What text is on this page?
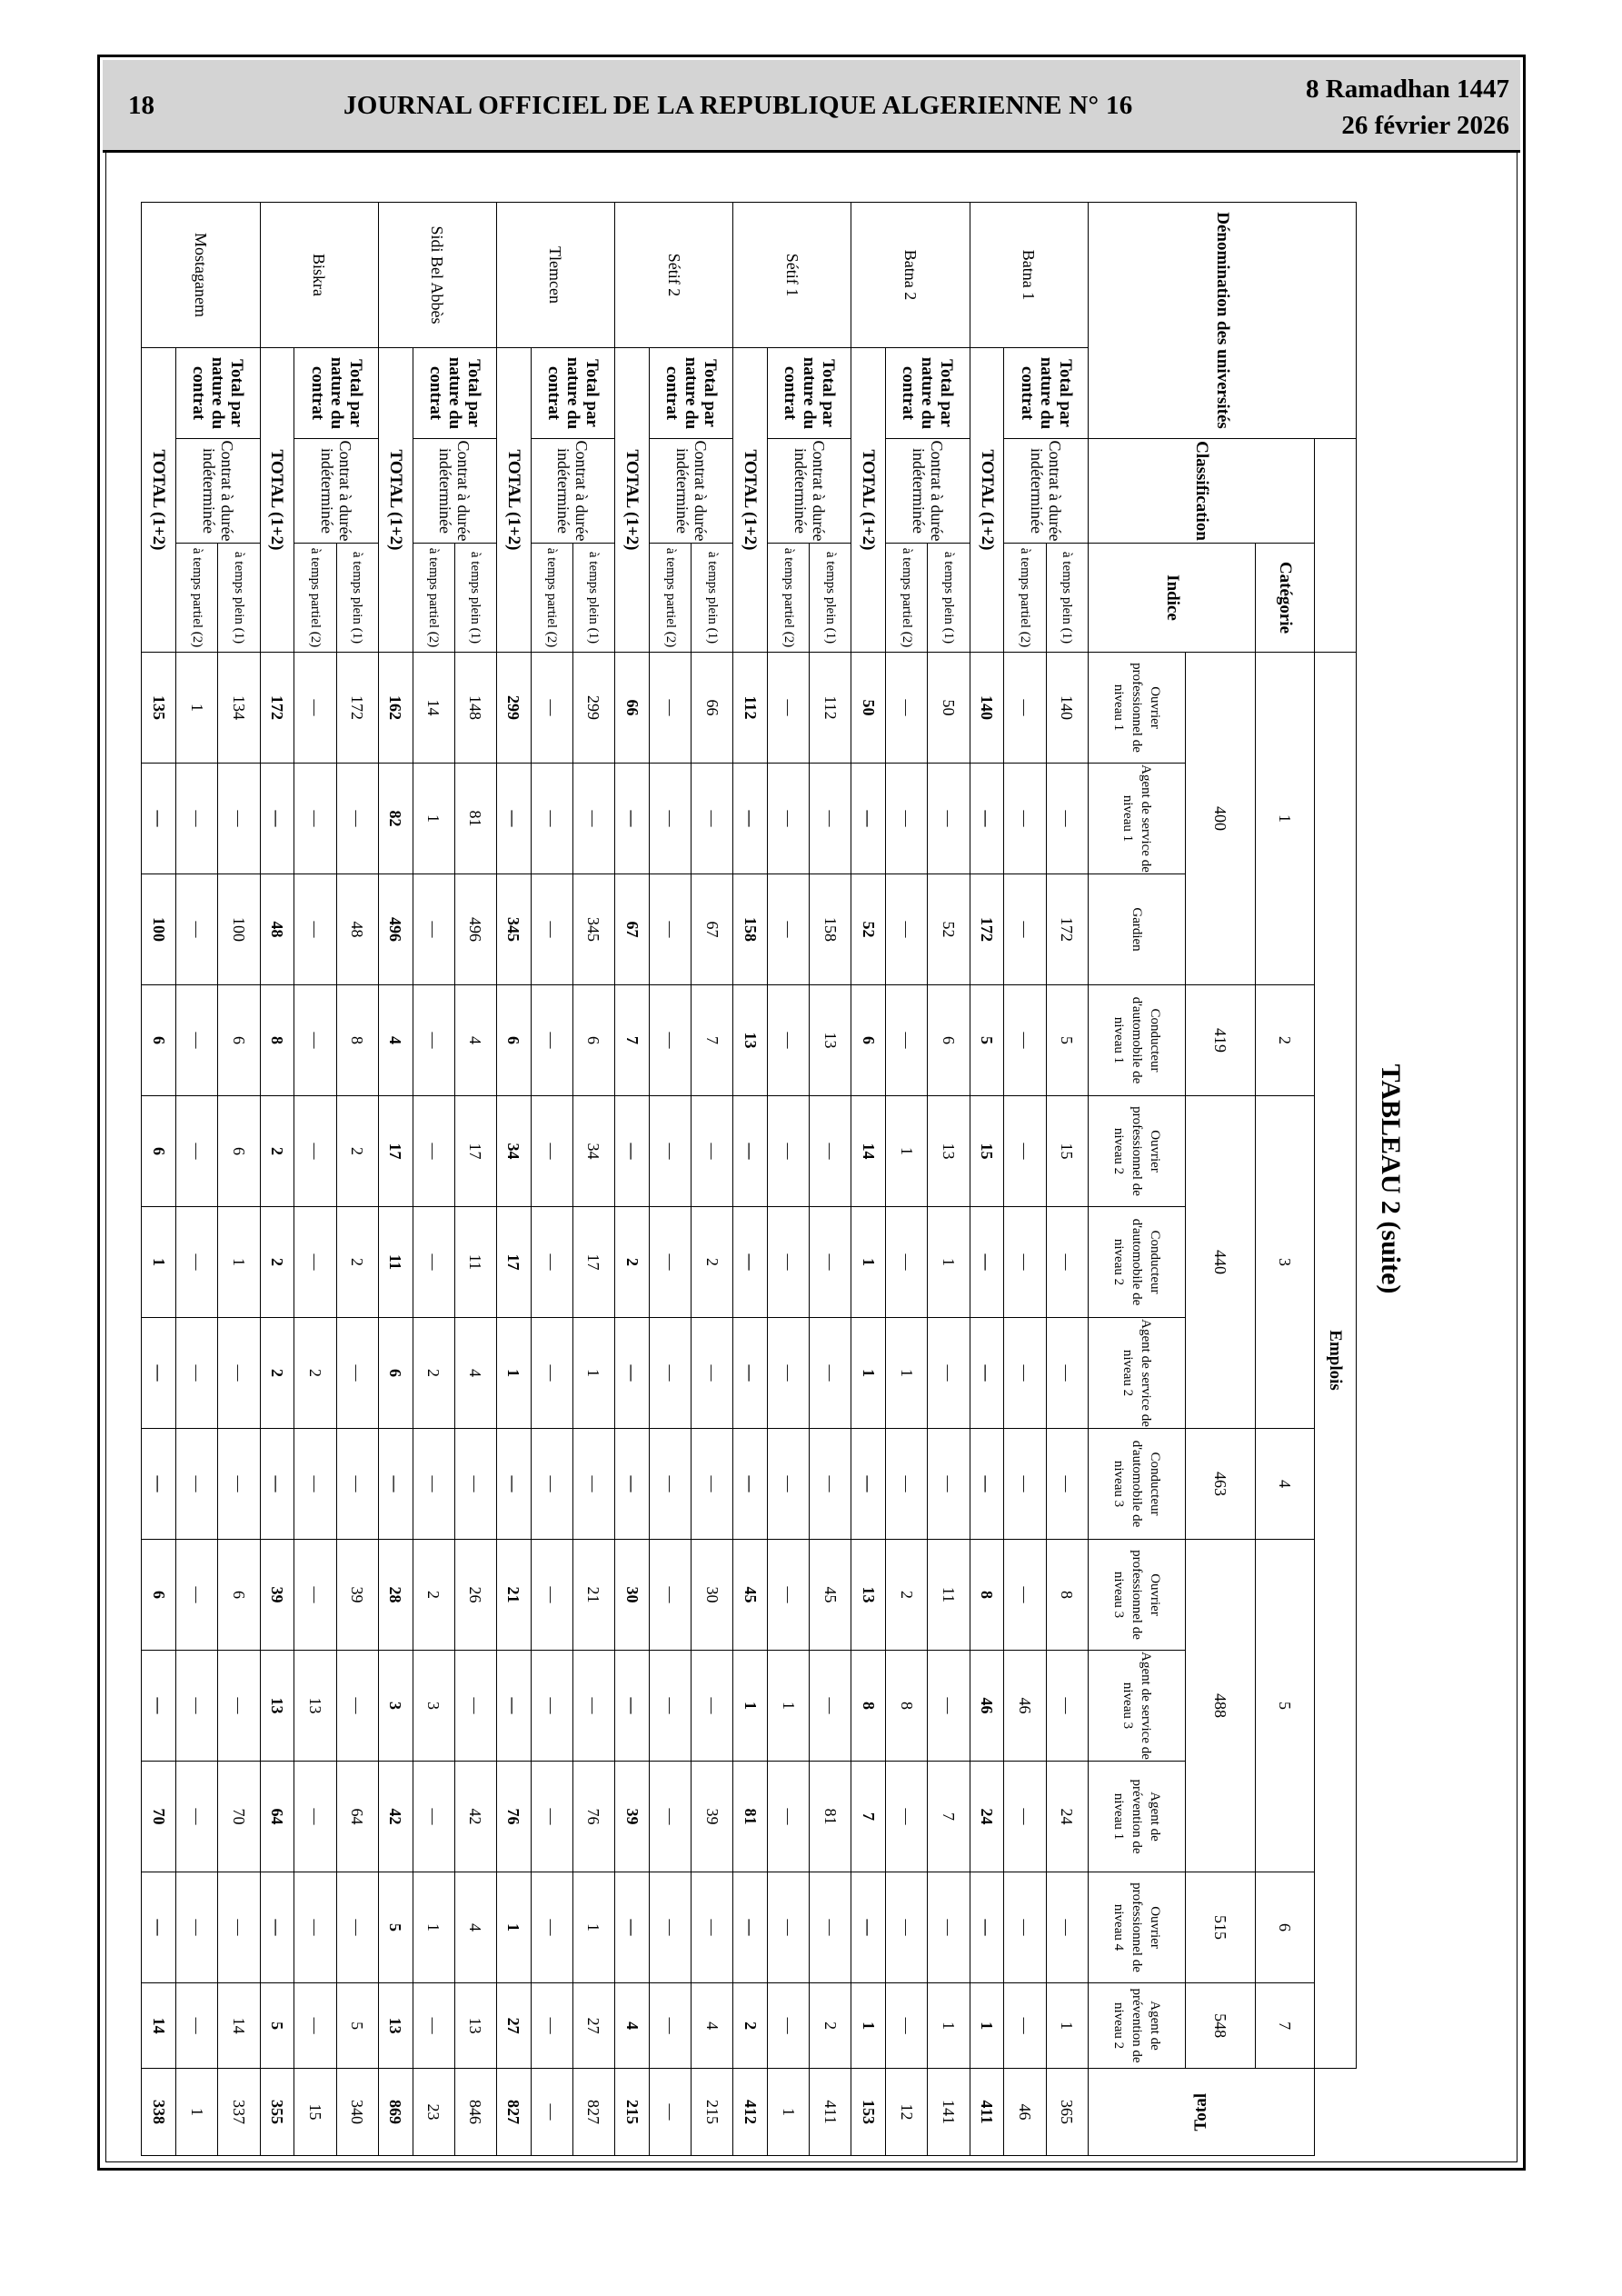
18	JOURNAL OFFICIEL DE LA REPUBLIQUE ALGERIENNE N° 16
8 Ramadhan 1447
26 février 2026
TABLEAU 2 (suite)
Dénomination des universités				Emplois													
		Classification	Catégorie	1			2	3			4	5			6	7	Total
			Indice	400			419	440			463	488			515	548	
				Ouvrier professionnel de niveau 1	Agent de service de niveau 1	Gardien	Conducteur d'automobile de niveau 1	Ouvrier professionnel de niveau 2	Conducteur d'automobile de niveau 2	Agent de service de niveau 2	Conducteur d'automobile de niveau 3	Ouvrier professionnel de niveau 3	Agent de service de niveau 3	Agent de prévention de niveau 1	Ouvrier professionnel de niveau 4	Agent de prévention de niveau 2	
Batna 1	Total par nature du contrat	Contrat à durée indéterminée	à temps plein (1)	140	—	172	5	15	—	—	—	8	—	24	—	1	365
			à temps partiel (2)	—	—	—	—	—	—	—	—	—	46	—	—	—	46
	TOTAL (1+2)			140	—	172	5	15	—	—	—	8	46	24	—	1	411
Batna 2	Total par nature du contrat	Contrat à durée indéterminée	à temps plein (1)	50	—	52	6	13	1	—	—	11	—	7	—	1	141
			à temps partiel (2)	—	—	—	—	1	—	1	—	2	8	—	—	—	12
	TOTAL (1+2)			50	—	52	6	14	1	1	—	13	8	7	—	1	153
Sétif 1	Total par nature du contrat	Contrat à durée indéterminée	à temps plein (1)	112	—	158	13	—	—	—	—	45	—	81	—	2	411
			à temps partiel (2)	—	—	—	—	—	—	—	—	—	1	—	—	—	1
	TOTAL (1+2)			112	—	158	13	—	—	—	—	45	1	81	—	2	412
Sétif 2	Total par nature du contrat	Contrat à durée indéterminée	à temps plein (1)	66	—	67	7	—	2	—	—	30	—	39	—	4	215
			à temps partiel (2)	—	—	—	—	—	—	—	—	—	—	—	—	—	—
	TOTAL (1+2)			66	—	67	7	—	2	—	—	30	—	39	—	4	215
Tlemcen	Total par nature du contrat	Contrat à durée indéterminée	à temps plein (1)	299	—	345	6	34	17	1	—	21	—	76	1	27	827
			à temps partiel (2)	—	—	—	—	—	—	—	—	—	—	—	—	—	—
	TOTAL (1+2)			299	—	345	6	34	17	1	—	21	—	76	1	27	827
Sidi Bel Abbès	Total par nature du contrat	Contrat à durée indéterminée	à temps plein (1)	148	81	496	4	17	11	4	—	26	—	42	4	13	846
			à temps partiel (2)	14	1	—	—	—	—	2	—	2	3	—	1	—	23
	TOTAL (1+2)			162	82	496	4	17	11	6	—	28	3	42	5	13	869
Biskra	Total par nature du contrat	Contrat à durée indéterminée	à temps plein (1)	172	—	48	8	2	2	—	—	39	—	64	—	5	340
			à temps partiel (2)	—	—	—	—	—	—	2	—	—	13	—	—	—	15
	TOTAL (1+2)			172	—	48	8	2	2	2	—	39	13	64	—	5	355
Mostaganem	Total par nature du contrat	Contrat à durée indéterminée	à temps plein (1)	134	—	100	6	6	1	—	—	6	—	70	—	14	337
			à temps partiel (2)	1	—	—	—	—	—	—	—	—	—	—	—	—	1
	TOTAL (1+2)			135	—	100	6	6	1	—	—	6	—	70	—	14	338
